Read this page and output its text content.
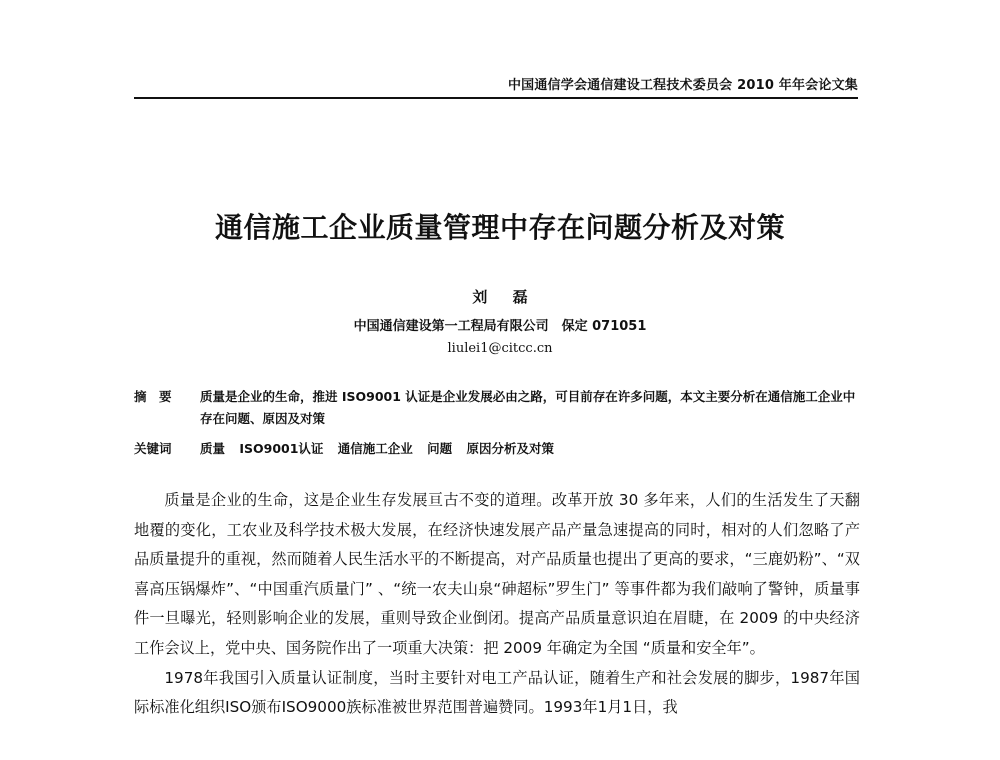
中国通信学会通信建设工程技术委员会 2010 年年会论文集
通信施工企业质量管理中存在问题分析及对策
刘 磊
中国通信建设第一工程局有限公司　保定 071051
liulei1@citcc.cn
摘　要 质量是企业的生命，推进 ISO9001 认证是企业发展必由之路，可目前存在许多问题，本文主要分析在通信施工企业中存在问题、原因及对策
关键词 质量 ISO9001认证 通信施工企业 问题 原因分析及对策

质量是企业的生命，这是企业生存发展亘古不变的道理。改革开放 30 多年来，人们的生活发生了天翻地覆的变化，工农业及科学技术极大发展，在经济快速发展产品产量急速提高的同时，相对的人们忽略了产品质量提升的重视，然而随着人民生活水平的不断提高，对产品质量也提出了更高的要求，“三鹿奶粉”、“双喜高压锅爆炸”、“中国重汽质量门” 、“统一农夫山泉“砷超标”罗生门” 等事件都为我们敲响了警钟，质量事件一旦曝光，轻则影响企业的发展，重则导致企业倒闭。提高产品质量意识迫在眉睫，在 2009 的中央经济工作会议上，党中央、国务院作出了一项重大决策：把 2009 年确定为全国 “质量和安全年”。

1978年我国引入质量认证制度，当时主要针对电工产品认证，随着生产和社会发展的脚步，1987年国际标准化组织ISO颁布ISO9000族标准被世界范围普遍赞同。1993年1月1日，我
